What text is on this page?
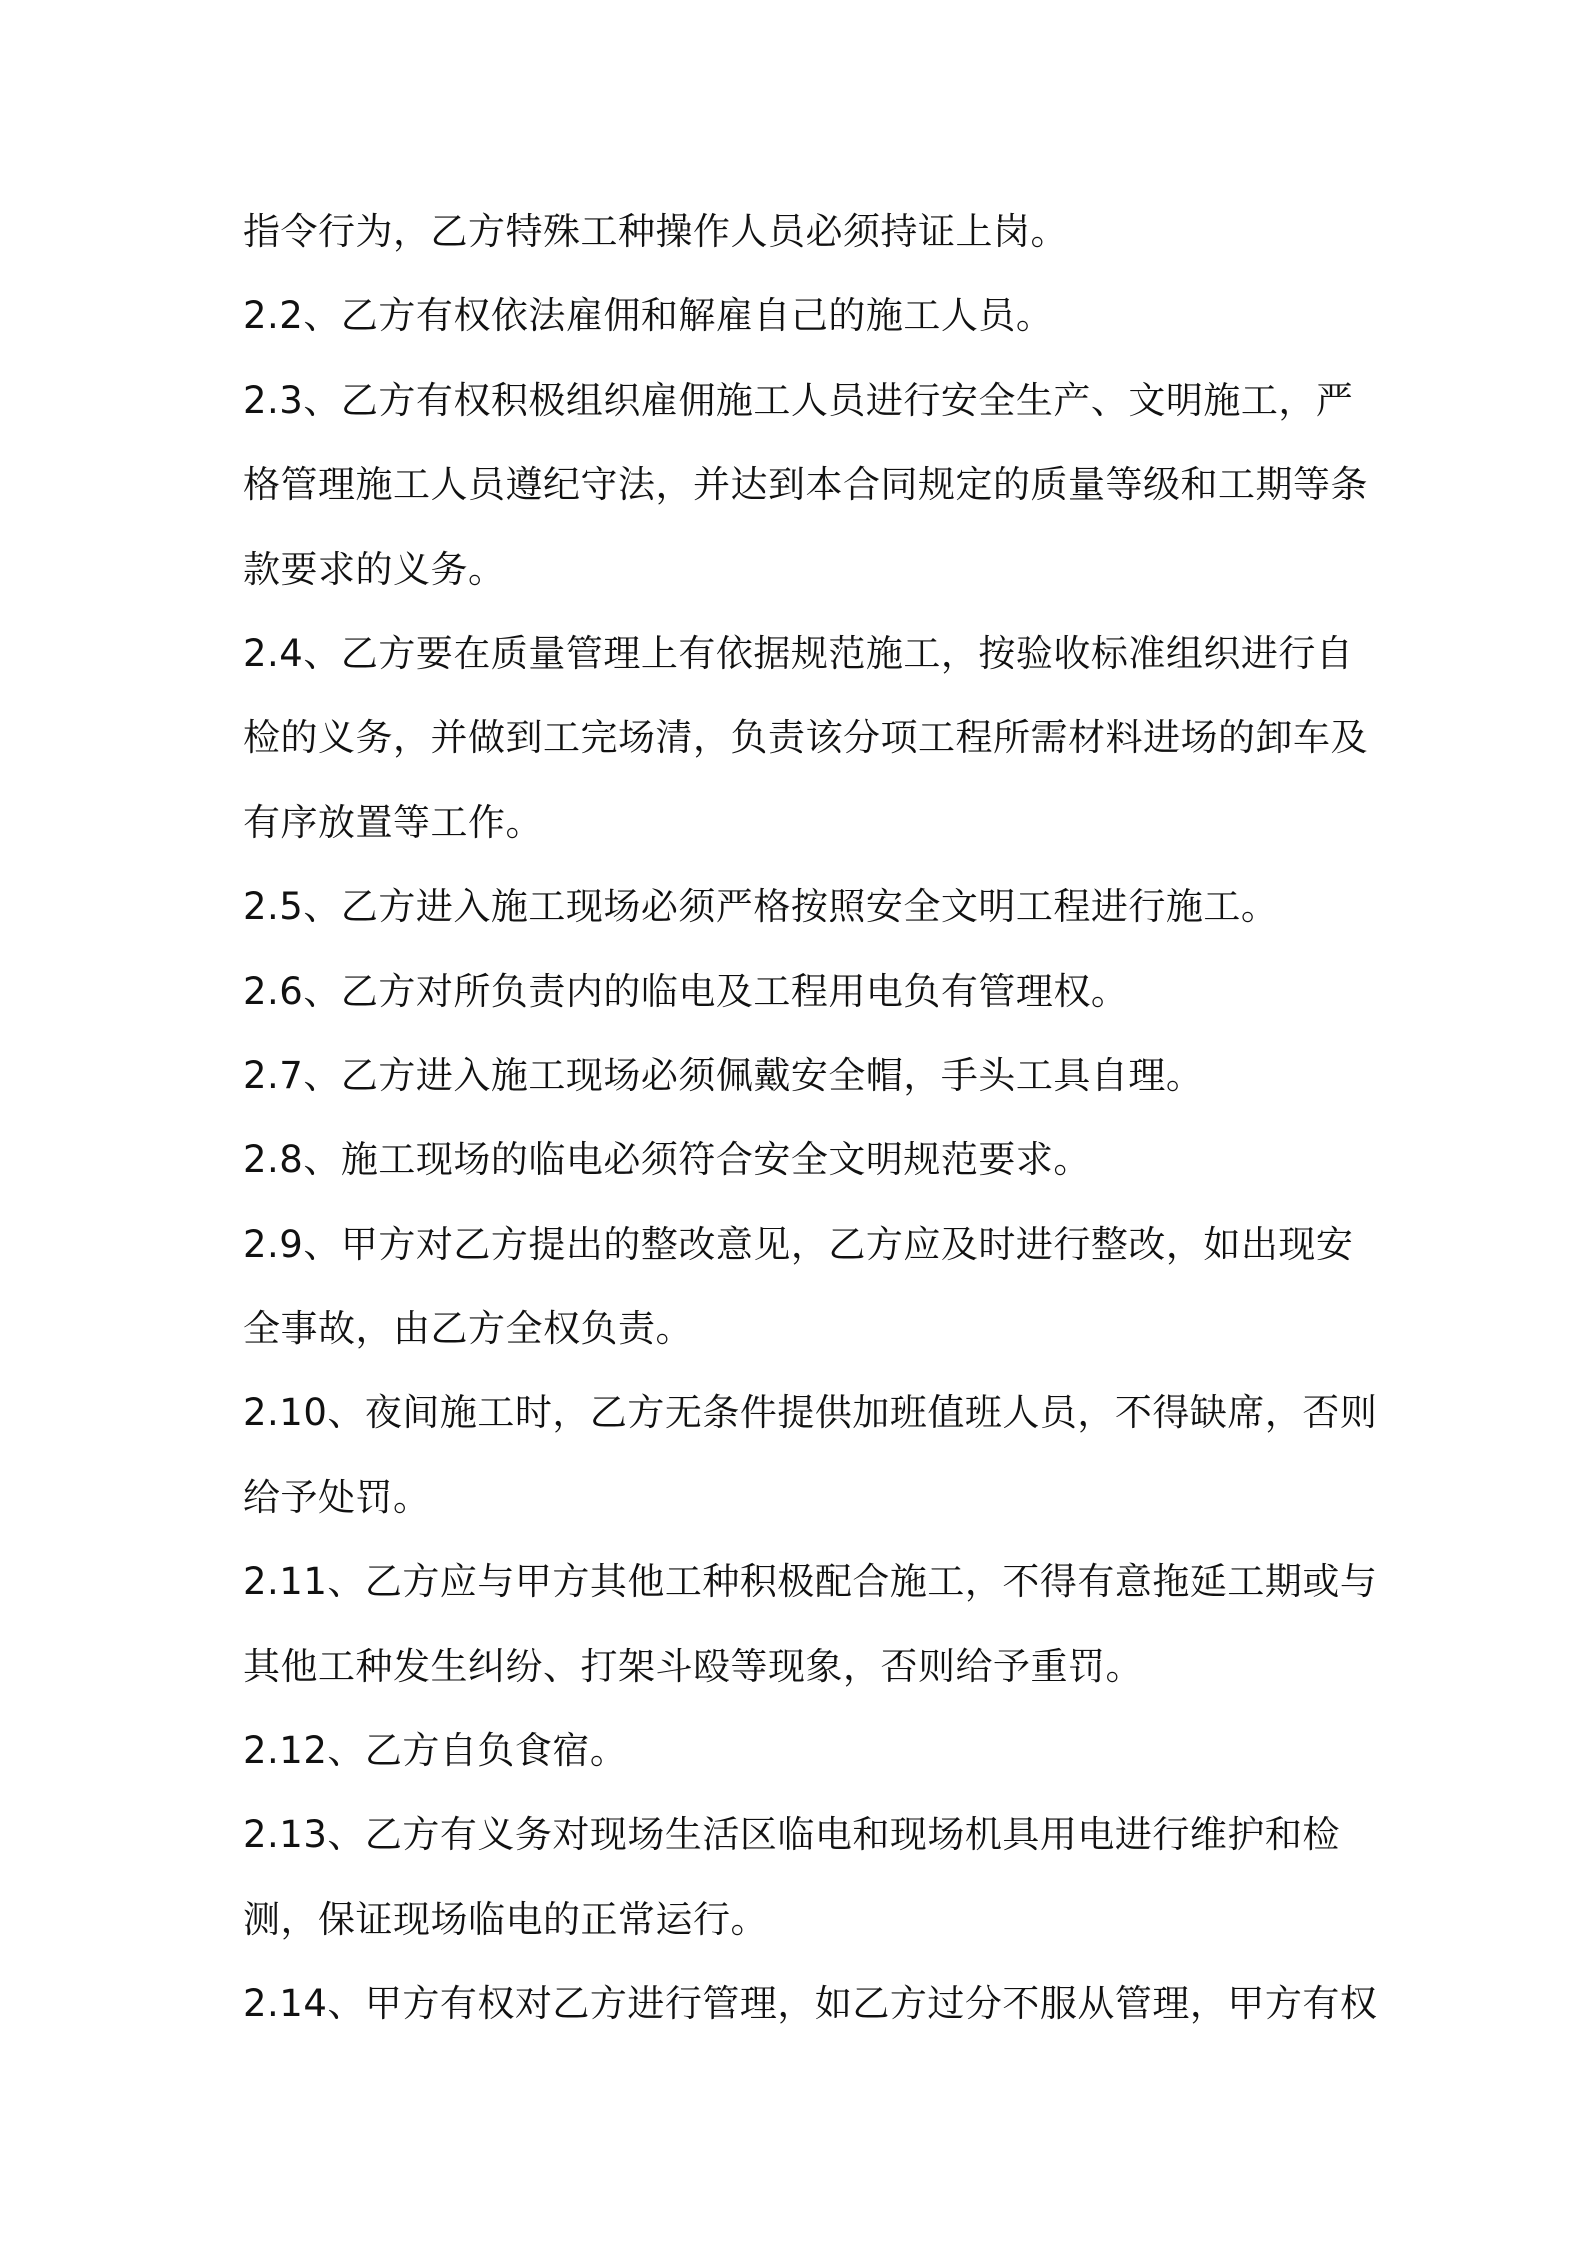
指令行为，乙方特殊工种操作人员必须持证上岗。
2.2、乙方有权依法雇佣和解雇自己的施工人员。
2.3、乙方有权积极组织雇佣施工人员进行安全生产、文明施工，严
格管理施工人员遵纪守法，并达到本合同规定的质量等级和工期等条
款要求的义务。
2.4、乙方要在质量管理上有依据规范施工，按验收标准组织进行自
检的义务，并做到工完场清，负责该分项工程所需材料进场的卸车及
有序放置等工作。
2.5、乙方进入施工现场必须严格按照安全文明工程进行施工。
2.6、乙方对所负责内的临电及工程用电负有管理权。
2.7、乙方进入施工现场必须佩戴安全帽，手头工具自理。
2.8、施工现场的临电必须符合安全文明规范要求。
2.9、甲方对乙方提出的整改意见，乙方应及时进行整改，如出现安
全事故，由乙方全权负责。
2.10、夜间施工时，乙方无条件提供加班值班人员，不得缺席，否则
给予处罚。
2.11、乙方应与甲方其他工种积极配合施工，不得有意拖延工期或与
其他工种发生纠纷、打架斗殴等现象，否则给予重罚。
2.12、乙方自负食宿。
2.13、乙方有义务对现场生活区临电和现场机具用电进行维护和检
测，保证现场临电的正常运行。
2.14、甲方有权对乙方进行管理，如乙方过分不服从管理，甲方有权
